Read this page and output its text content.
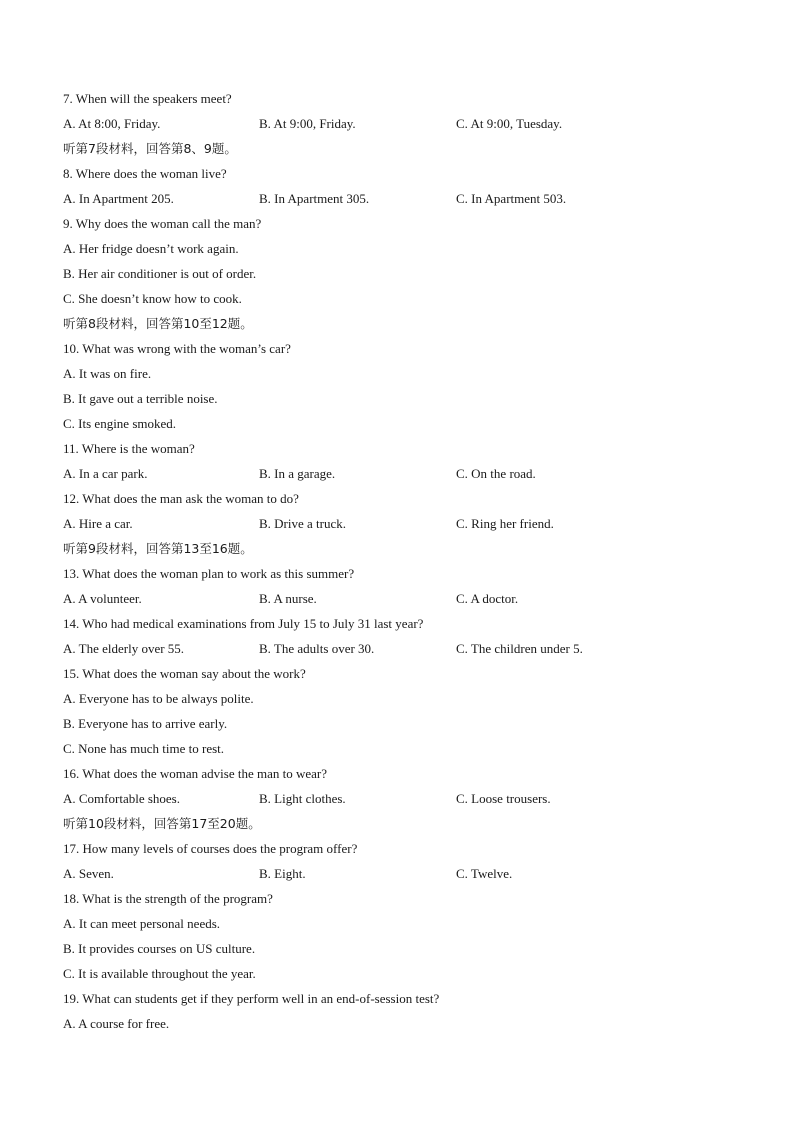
7. When will the speakers meet?
A. At 8:00, Friday.	B. At 9:00, Friday.	C. At 9:00, Tuesday.
听第7段材料，回答第8、9题。
8. Where does the woman live?
A. In Apartment 205.	B. In Apartment 305.	C. In Apartment 503.
9. Why does the woman call the man?
A. Her fridge doesn’t work again.
B. Her air conditioner is out of order.
C. She doesn’t know how to cook.
听第8段材料，回答第10至12题。
10. What was wrong with the woman’s car?
A. It was on fire.
B. It gave out a terrible noise.
C. Its engine smoked.
11. Where is the woman?
A. In a car park.	B. In a garage.	C. On the road.
12. What does the man ask the woman to do?
A. Hire a car.	B. Drive a truck.	C. Ring her friend.
听第9段材料，回答第13至16题。
13. What does the woman plan to work as this summer?
A. A volunteer.	B. A nurse.	C. A doctor.
14. Who had medical examinations from July 15 to July 31 last year?
A. The elderly over 55.	B. The adults over 30.	C. The children under 5.
15. What does the woman say about the work?
A. Everyone has to be always polite.
B. Everyone has to arrive early.
C. None has much time to rest.
16. What does the woman advise the man to wear?
A. Comfortable shoes.	B. Light clothes.	C. Loose trousers.
听第10段材料，回答第17至20题。
17. How many levels of courses does the program offer?
A. Seven.	B. Eight.	C. Twelve.
18. What is the strength of the program?
A. It can meet personal needs.
B. It provides courses on US culture.
C. It is available throughout the year.
19. What can students get if they perform well in an end-of-session test?
A. A course for free.
